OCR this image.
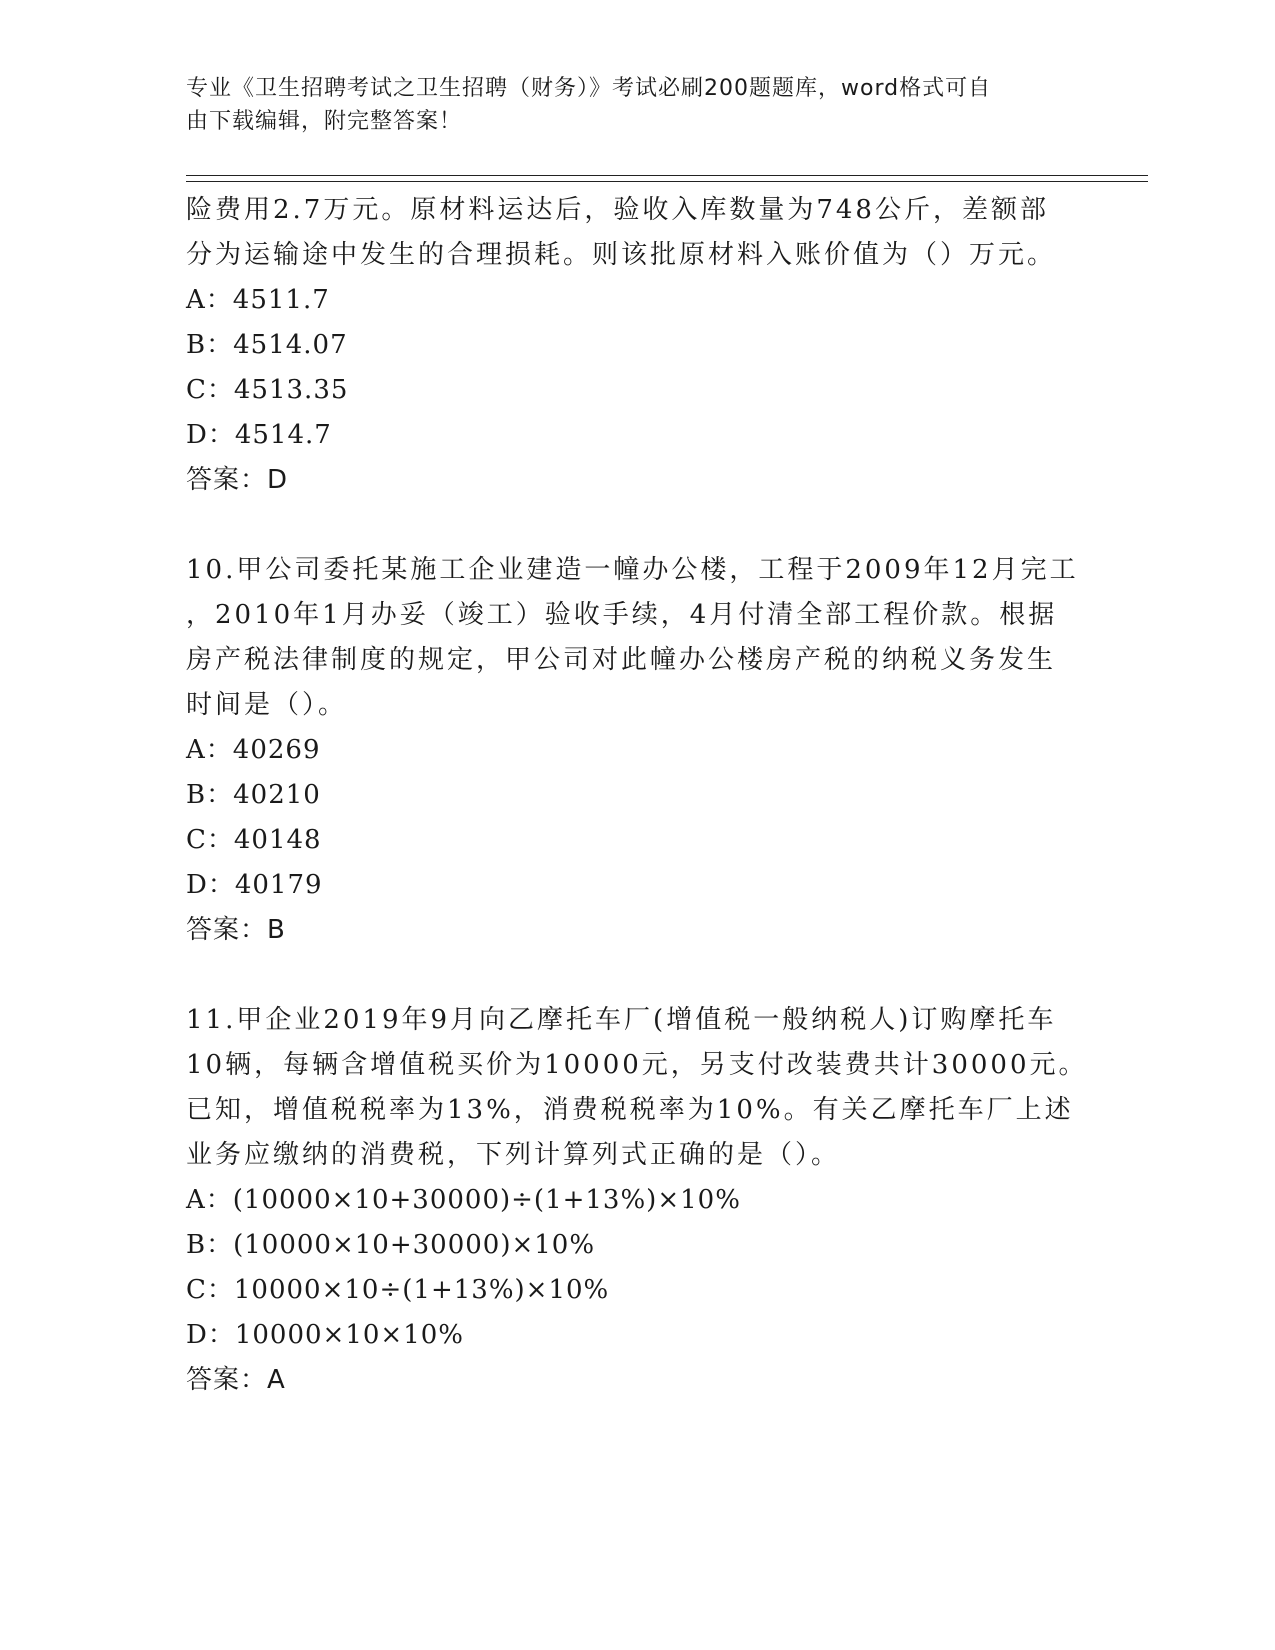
专业《卫生招聘考试之卫生招聘（财务）》考试必刷200题题库，word格式可自
由下载编辑，附完整答案！
险费用2.7万元。原材料运达后，验收入库数量为748公斤，差额部
分为运输途中发生的合理损耗。则该批原材料入账价值为（）万元。
A：4511.7
B：4514.07
C：4513.35
D：4514.7
答案：D
10.甲公司委托某施工企业建造一幢办公楼，工程于2009年12月完工
，2010年1月办妥（竣工）验收手续，4月付清全部工程价款。根据
房产税法律制度的规定，甲公司对此幢办公楼房产税的纳税义务发生
时间是（）。
A：40269
B：40210
C：40148
D：40179
答案：B
11.甲企业2019年9月向乙摩托车厂(增值税一般纳税人)订购摩托车
10辆，每辆含增值税买价为10000元，另支付改装费共计30000元。
已知，增值税税率为13%，消费税税率为10%。有关乙摩托车厂上述
业务应缴纳的消费税，下列计算列式正确的是（）。
A：(10000×10+30000)÷(1+13%)×10%
B：(10000×10+30000)×10%
C：10000×10÷(1+13%)×10%
D：10000×10×10%
答案：A
